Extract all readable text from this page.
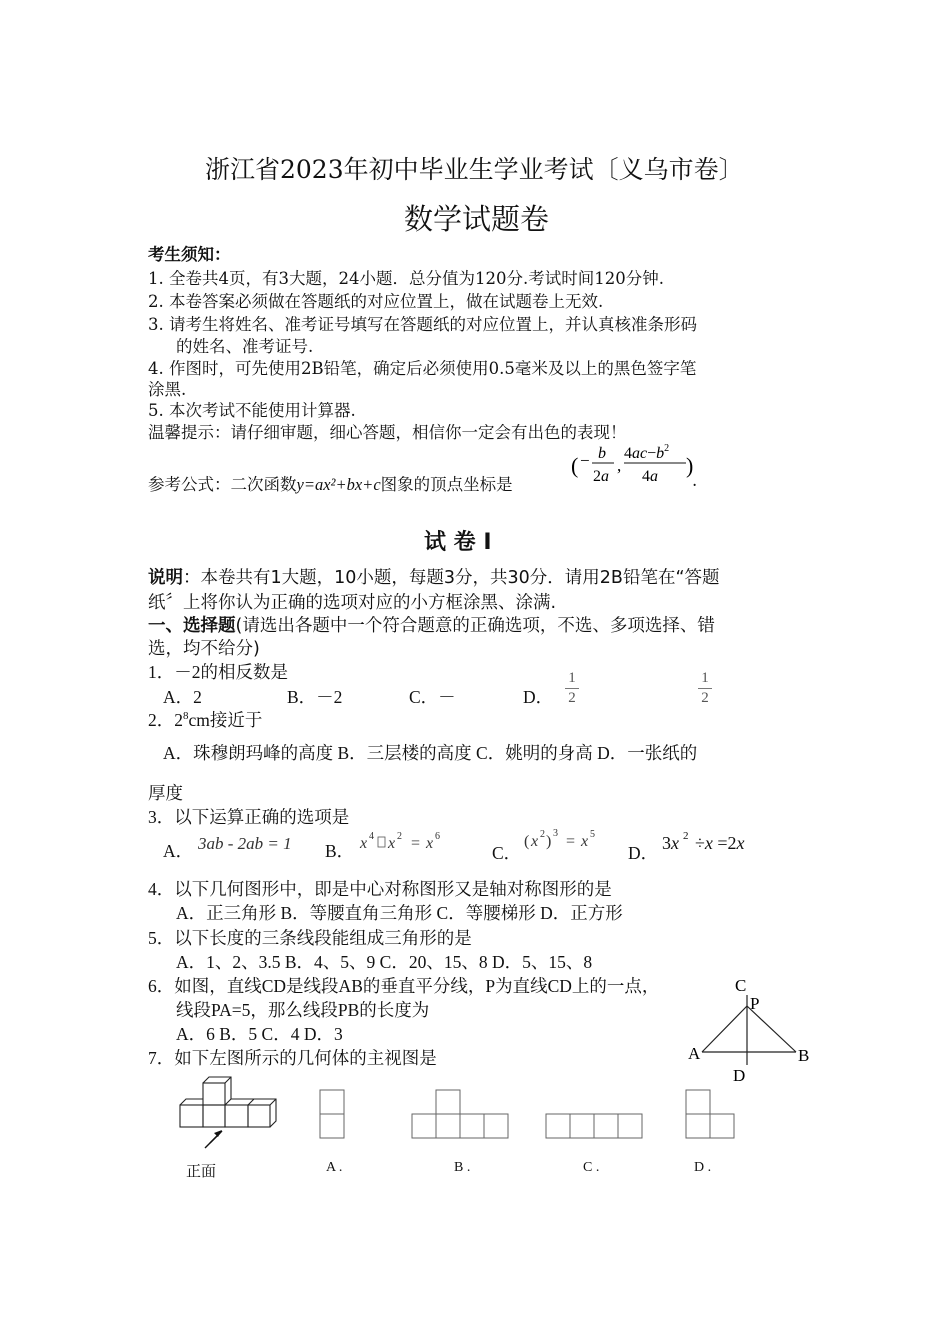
浙江省2023年初中毕业生学业考试〔义乌市卷〕
数学试题卷
考生须知：
1. 全卷共4页，有3大题，24小题．总分值为120分.考试时间120分钟.
2. 本卷答案必须做在答题纸的对应位置上，做在试题卷上无效.
3. 请考生将姓名、准考证号填写在答题纸的对应位置上，并认真核准条形码
的姓名、准考证号.
4. 作图时，可先使用2B铅笔，确定后必须使用0.5毫米及以上的黑色签字笔
涂黑.
5. 本次考试不能使用计算器.
温馨提示：请仔细审题，细心答题，相信你一定会有出色的表现！
参考公式：二次函数y=ax²+bx+c图象的顶点坐标是
( − b
2a
,
$4ac-b^2$
4a )
.
试 卷 Ⅰ
说明：本卷共有1大题，10小题，每题3分，共30分．请用2B铅笔在“答题
纸〞上将你认为正确的选项对应的小方框涂黑、涂满.
一、选择题(请选出各题中一个符合题意的正确选项，不选、多项选择、错
选，均不给分)
1．－2的相反数是
A．2	B．－2	C．－	D．
1
2
1
2
2．$2^8cm$接近于
A．珠穆朗玛峰的高度 B．三层楼的高度 C．姚明的身高 D．一张纸的
厚度
3．以下运算正确的选项是
A． 3ab - 2ab = 1 B． x 4 x 2 = x 6
C．
( x 2 ) 3 = x 5
D． 3x 2 ÷x =2x
4．以下几何图形中，即是中心对称图形又是轴对称图形的是
A．正三角形 B．等腰直角三角形 C．等腰梯形 D．正方形
5．以下长度的三条线段能组成三角形的是
A．1、2、3.5 B．4、5、9 C．20、15、8 D．5、15、8
6．如图，直线CD是线段AB的垂直平分线，P为直线CD上的一点，
线段PA=5，那么线段PB的长度为
A．6 B．5 C．4 D．3
C
P
A	B
D
7．如下左图所示的几何体的主视图是
正面	A .	B .	C .	D .
